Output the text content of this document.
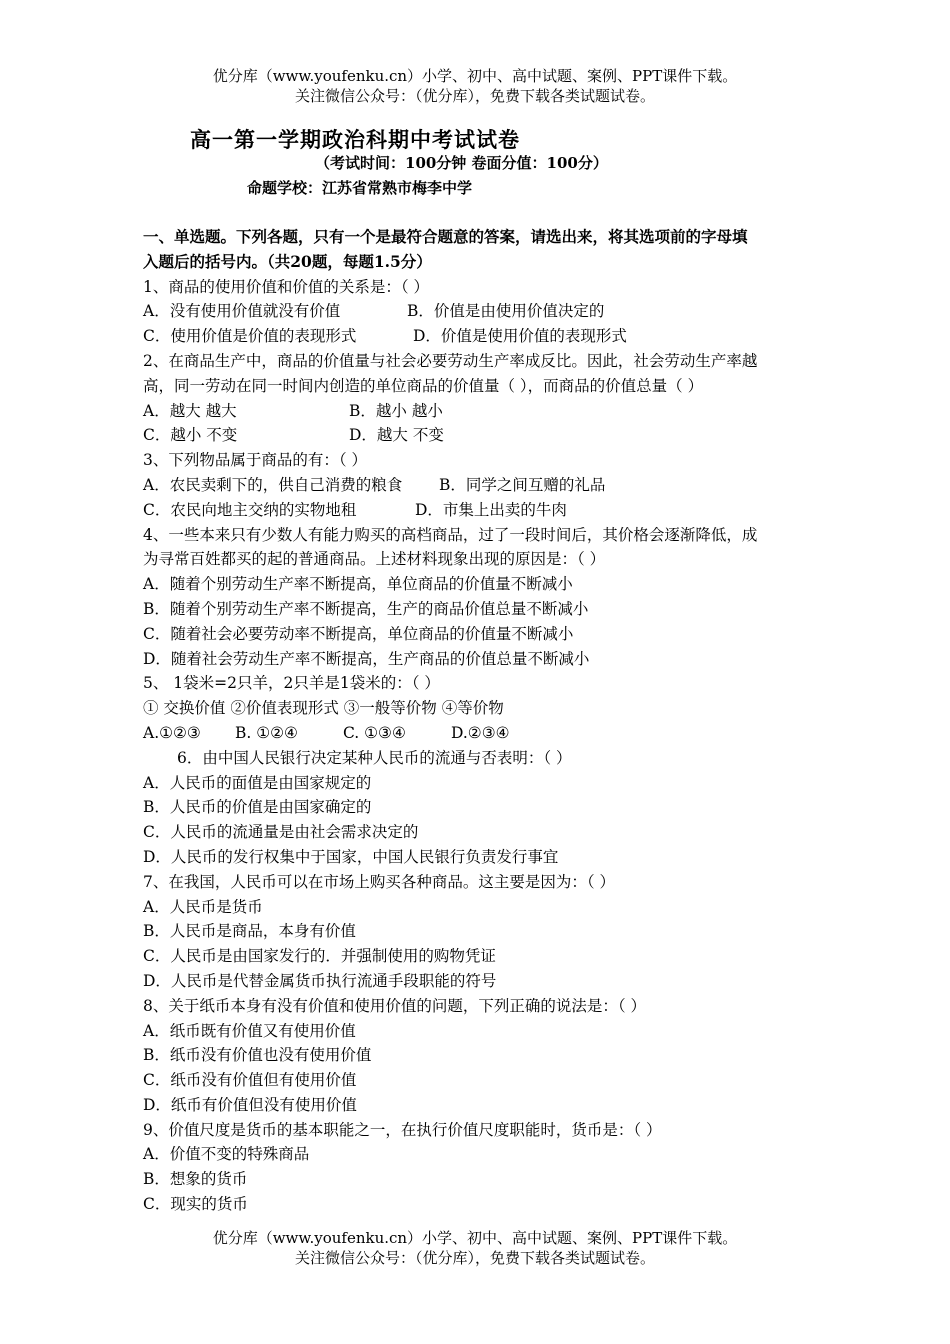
优分库（www.youfenku.cn）小学、初中、高中试题、案例、PPT课件下载。
关注微信公众号：（优分库），免费下载各类试题试卷。
高一第一学期政治科期中考试试卷
（考试时间：100分钟 卷面分值：100分）
命题学校：江苏省常熟市梅李中学
一、单选题。下列各题，只有一个是最符合题意的答案，请选出来，将其选项前的字母填
入题后的括号内。（共20题，每题1.5分）
1、商品的使用价值和价值的关系是：（ ）
A．没有使用价值就没有价值	B．价值是由使用价值决定的
C．使用价值是价值的表现形式	D．价值是使用价值的表现形式
2、在商品生产中，商品的价值量与社会必要劳动生产率成反比。因此，社会劳动生产率越
高，同一劳动在同一时间内创造的单位商品的价值量（ ），而商品的价值总量（ ）
A．越大 越大	B．越小 越小
C．越小 不变	D．越大 不变
3、下列物品属于商品的有：（ ）
A．农民卖剩下的，供自己消费的粮食 B．同学之间互赠的礼品
C．农民向地主交纳的实物地租	D．市集上出卖的牛肉
4、一些本来只有少数人有能力购买的高档商品，过了一段时间后，其价格会逐渐降低，成
为寻常百姓都买的起的普通商品。上述材料现象出现的原因是：（ ）
A．随着个别劳动生产率不断提高，单位商品的价值量不断减小
B．随着个别劳动生产率不断提高，生产的商品价值总量不断减小
C．随着社会必要劳动率不断提高，单位商品的价值量不断减小
D．随着社会劳动生产率不断提高，生产商品的价值总量不断减小
5、 1袋米=2只羊，2只羊是1袋米的：（ ）
① 交换价值 ②价值表现形式 ③一般等价物 ④等价物
A.①②③ B. ①②④	C. ①③④	D.②③④
6．由中国人民银行决定某种人民币的流通与否表明：（ ）
A．人民币的面值是由国家规定的
B．人民币的价值是由国家确定的
C．人民币的流通量是由社会需求决定的
D．人民币的发行权集中于国家，中国人民银行负责发行事宜
7、在我国，人民币可以在市场上购买各种商品。这主要是因为：（ ）
A．人民币是货币
B．人民币是商品，本身有价值
C．人民币是由国家发行的．并强制使用的购物凭证
D．人民币是代替金属货币执行流通手段职能的符号
8、关于纸币本身有没有价值和使用价值的问题，下列正确的说法是：（ ）
A．纸币既有价值又有使用价值
B．纸币没有价值也没有使用价值
C．纸币没有价值但有使用价值
D．纸币有价值但没有使用价值
9、价值尺度是货币的基本职能之一，在执行价值尺度职能时，货币是：（ ）
A．价值不变的特殊商品
B．想象的货币
C．现实的货币
优分库（www.youfenku.cn）小学、初中、高中试题、案例、PPT课件下载。
关注微信公众号：（优分库），免费下载各类试题试卷。
